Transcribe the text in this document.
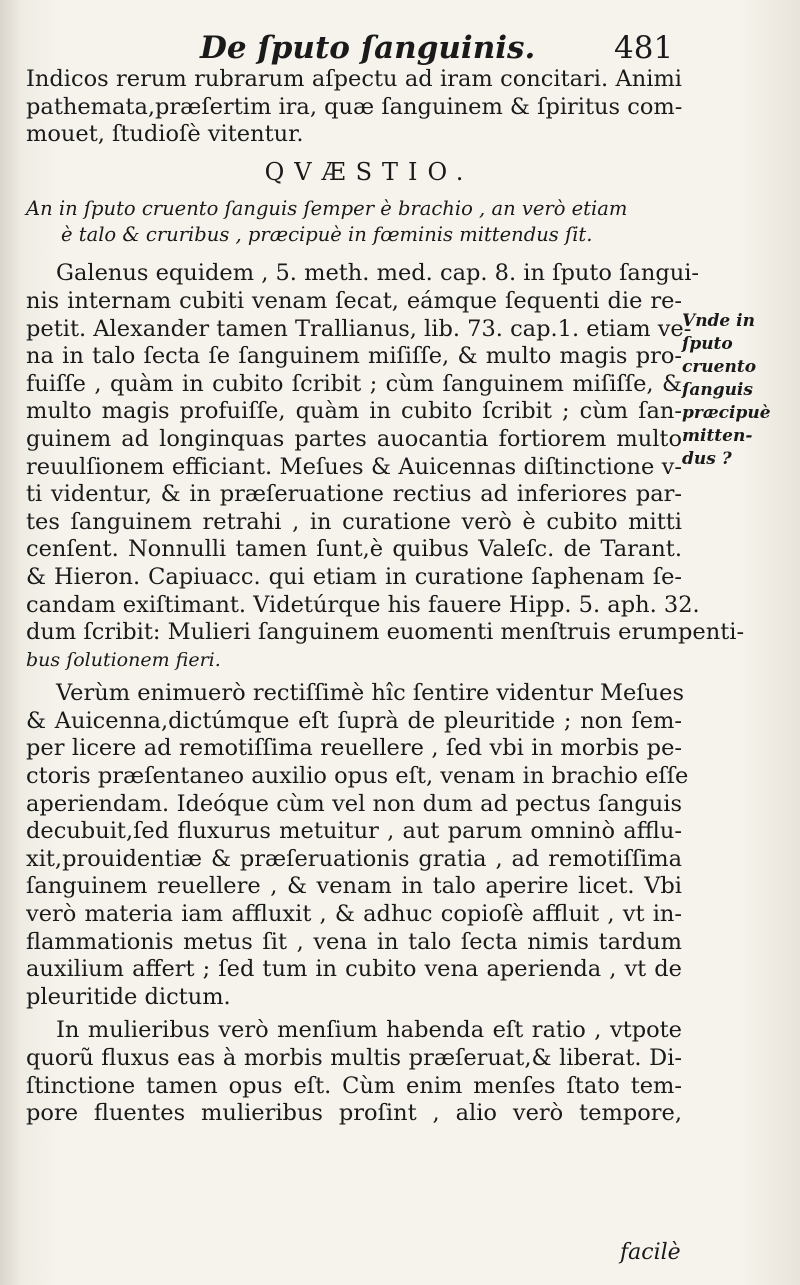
De ſputo ſanguinis.	481
Indicos rerum rubrarum aſpectu ad iram concitari. Animi
pathemata,præſertim ira, quæ ſanguinem & ſpiritus com-
mouet, ſtudioſè vitentur.
QVÆSTIO.
An in ſputo cruento ſanguis ſemper è brachio , an verò etiam
è talo & cruribus , præcipuè in fœminis mittendus ſit.
Galenus equidem , 5. meth. med. cap. 8. in ſputo ſangui-
nis internam cubiti venam ſecat, eámque ſequenti die re-
petit. Alexander tamen Trallianus, lib. 73. cap.1. etiam ve-
na in talo ſecta ſe ſanguinem miſiſſe, & multo magis pro-
fuiſſe , quàm in cubito ſcribit ; cùm ſanguinem miſiſſe, &
multo magis profuiſſe, quàm in cubito ſcribit ; cùm ſan-
guinem ad longinquas partes auocantia fortiorem multo
reuulſionem efficiant. Meſues & Auicennas diſtinctione v-
ti videntur, & in præſeruatione rectius ad inferiores par-
tes ſanguinem retrahi , in curatione verò è cubito mitti
cenſent. Nonnulli tamen ſunt,è quibus Valeſc. de Tarant.
& Hieron. Capiuacc. qui etiam in curatione ſaphenam ſe-
candam exiſtimant. Videtúrque his fauere Hipp. 5. aph. 32.
dum ſcribit: Mulieri ſanguinem euomenti menſtruis erumpenti-
bus ſolutionem fieri.
Verùm enimuerò rectiſſimè hîc ſentire videntur Meſues
& Auicenna,dictúmque eſt ſuprà de pleuritide ; non ſem-
per licere ad remotiſſima reuellere , ſed vbi in morbis pe-
ctoris præſentaneo auxilio opus eſt, venam in brachio eſſe
aperiendam. Ideóque cùm vel non dum ad pectus ſanguis
decubuit,ſed fluxurus metuitur , aut parum omninò afflu-
xit,prouidentiæ & præſeruationis gratia , ad remotiſſima
ſanguinem reuellere , & venam in talo aperire licet. Vbi
verò materia iam affluxit , & adhuc copioſè affluit , vt in-
flammationis metus ſit , vena in talo ſecta nimis tardum
auxilium affert ; ſed tum in cubito vena aperienda , vt de
pleuritide dictum.
In mulieribus verò menſium habenda eſt ratio , vtpote
quorũ fluxus eas à morbis multis præſeruat,& liberat. Di-
ſtinctione tamen opus eſt. Cùm enim menſes ſtato tem-
pore fluentes mulieribus proſint , alio verò tempore,
Vnde in
ſputo
cruento
ſanguis
præcipuè
mitten-
dus ?
facilè
